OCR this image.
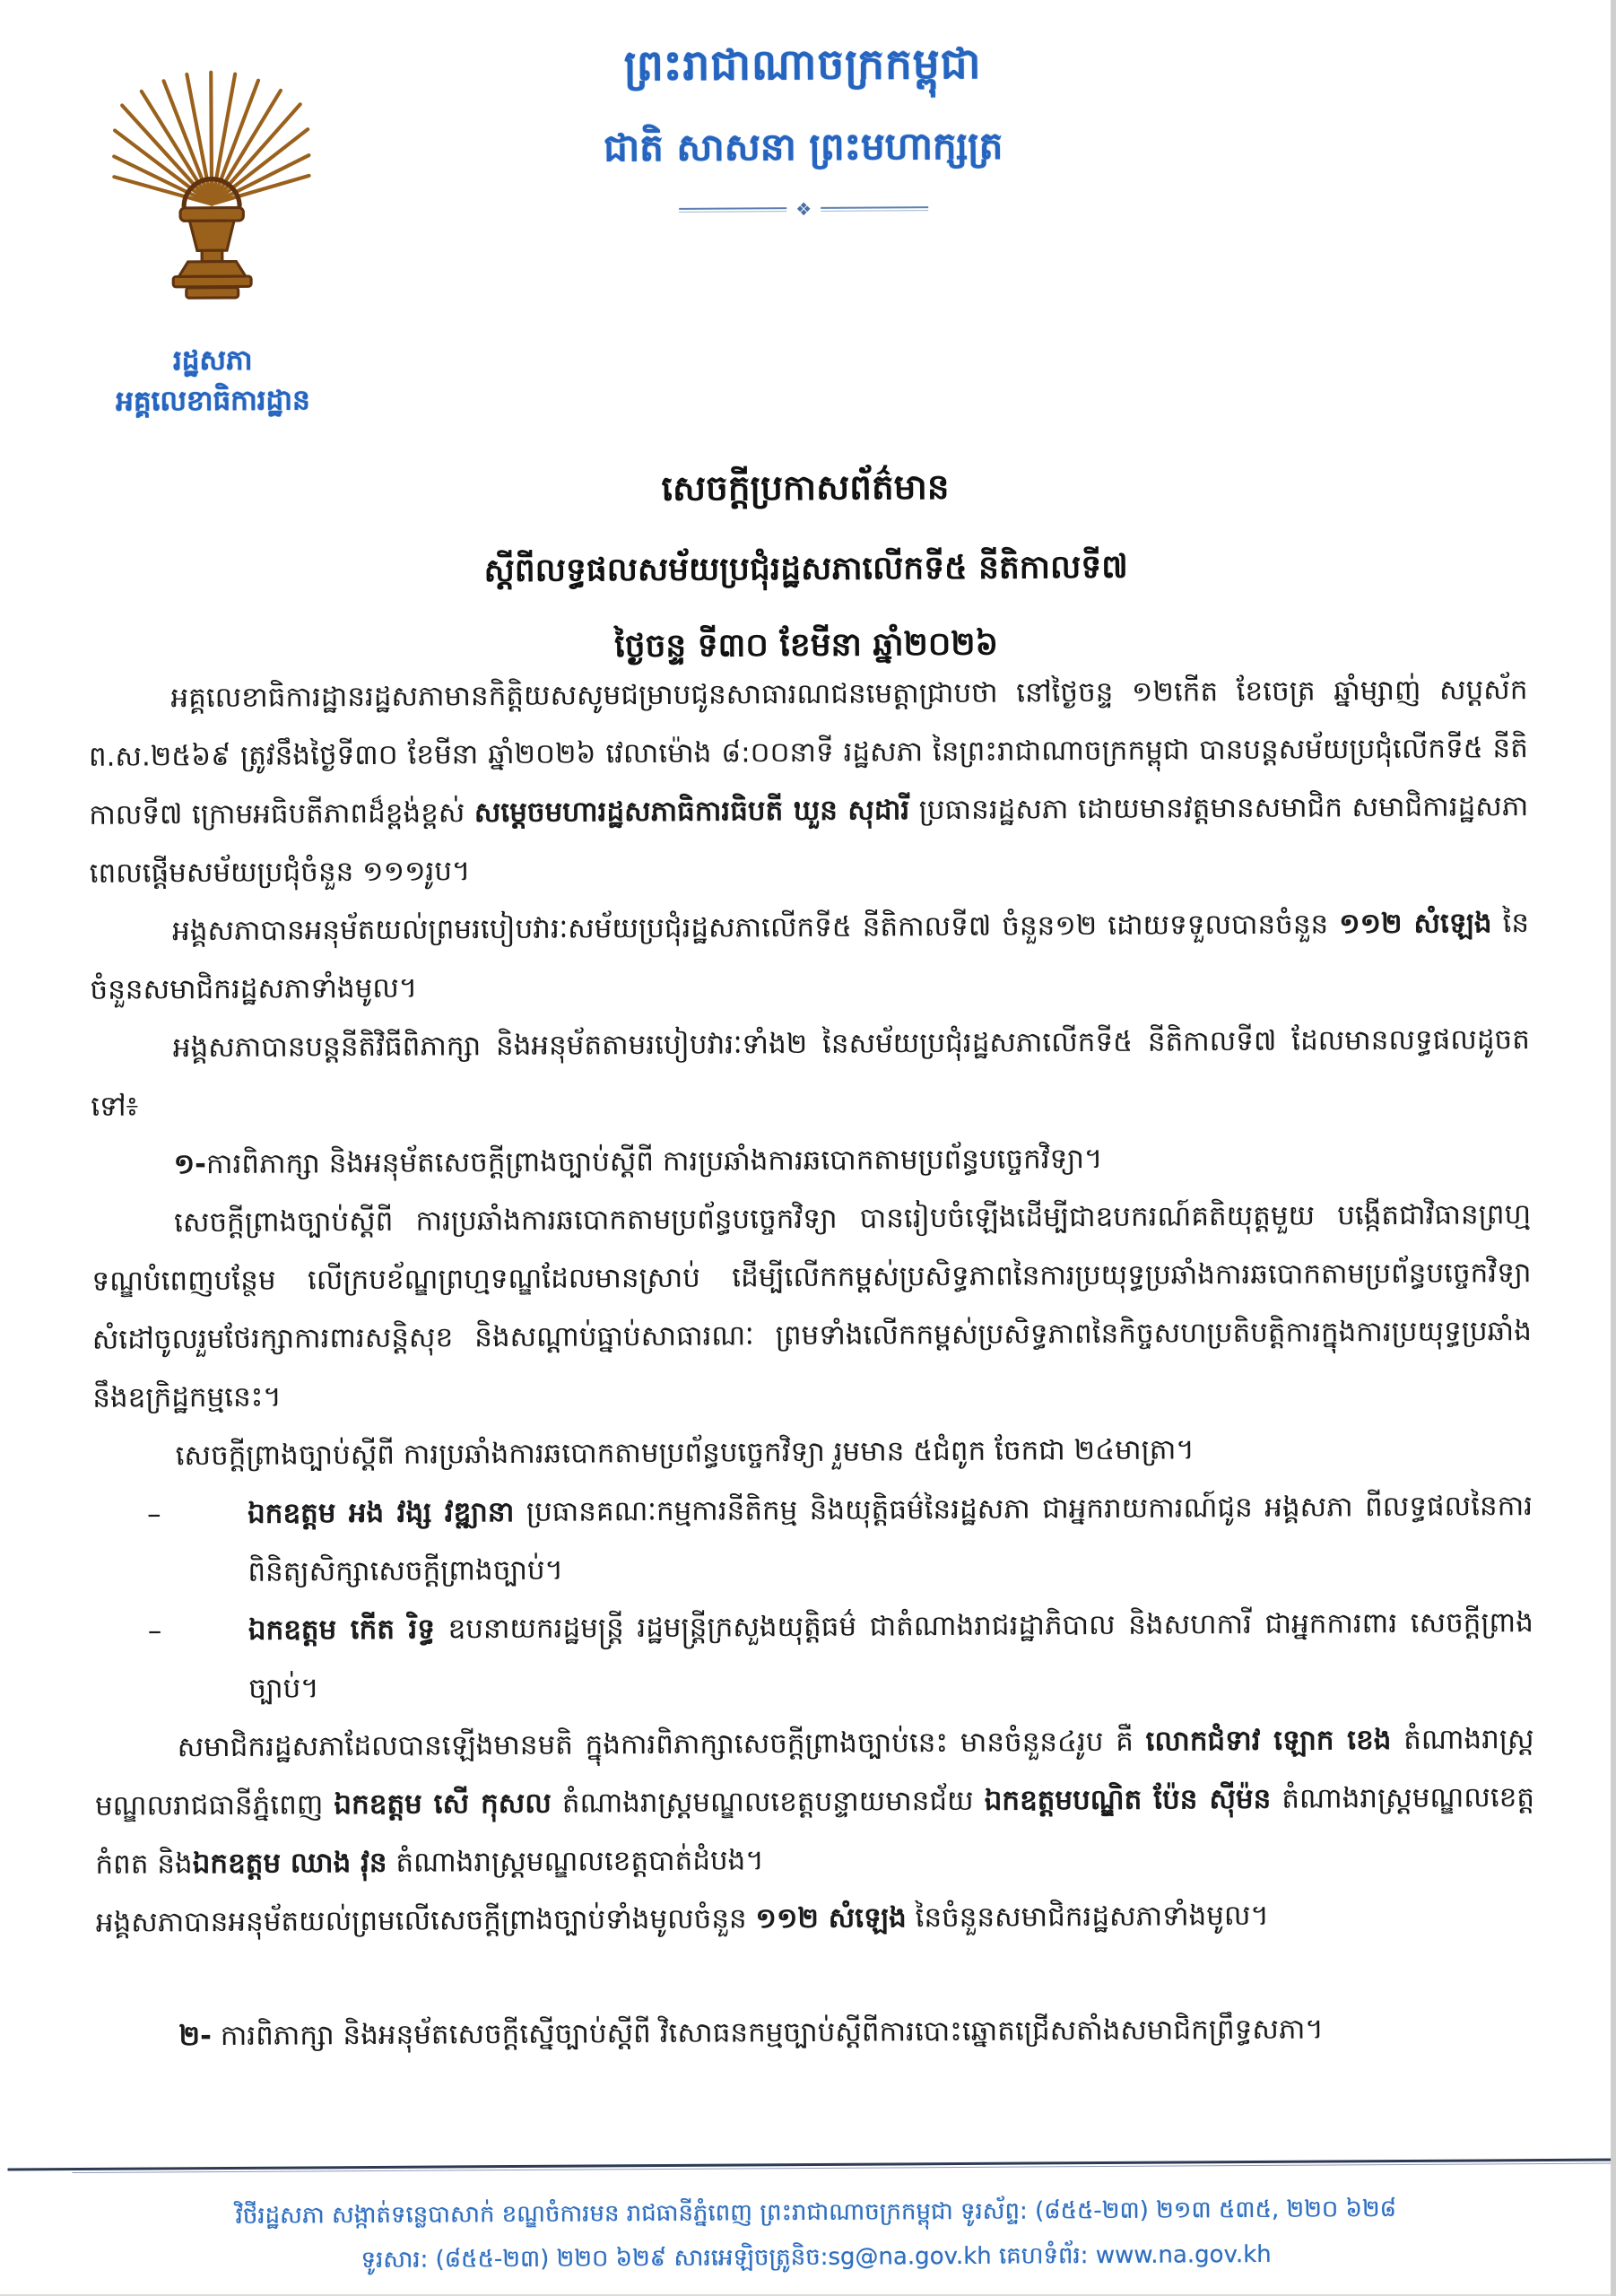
ព្រះរាជាណាចក្រកម្ពុជា
ជាតិ សាសនា ព្រះមហាក្សត្រ
❖
រដ្ឋសភា
អគ្គលេខាធិការដ្ឋាន
សេចក្តីប្រកាសព័ត៌មាន
ស្តីពីលទ្ធផលសម័យប្រជុំរដ្ឋសភាលើកទី៥ នីតិកាលទី៧
ថ្ងៃចន្ទ ទី៣០ ខែមីនា ឆ្នាំ២០២៦
អគ្គលេខាធិការដ្ឋានរដ្ឋសភាមានកិត្តិយសសូមជម្រាបជូនសាធារណជនមេត្តាជ្រាបថា នៅថ្ងៃចន្ទ ១២កើត ខែចេត្រ ឆ្នាំម្សាញ់ សប្តស័ក ព.ស.២៥៦៩ ត្រូវនឹងថ្ងៃទី៣០ ខែមីនា ឆ្នាំ២០២៦ វេលាម៉ោង ៨:០០នាទី រដ្ឋសភា នៃព្រះរាជាណាចក្រកម្ពុជា បានបន្តសម័យប្រជុំលើកទី៥ នីតិកាលទី៧ ក្រោមអធិបតីភាពដ៏ខ្ពង់ខ្ពស់ សម្ដេចមហារដ្ឋសភាធិការធិបតី ឃួន សុដារី ប្រធានរដ្ឋសភា ដោយមានវត្តមានសមាជិក សមាជិការដ្ឋសភា ពេលផ្តើមសម័យប្រជុំចំនួន ១១១រូប។
អង្គសភាបានអនុម័តយល់ព្រមរបៀបវារៈសម័យប្រជុំរដ្ឋសភាលើកទី៥ នីតិកាលទី៧ ចំនួន១២ ដោយទទួលបានចំនួន ១១២ សំឡេង នៃចំនួនសមាជិករដ្ឋសភាទាំងមូល។
អង្គសភាបានបន្តនីតិវិធីពិភាក្សា និងអនុម័តតាមរបៀបវារៈទាំង២ នៃសម័យប្រជុំរដ្ឋសភាលើកទី៥ នីតិកាលទី៧ ដែលមានលទ្ធផលដូចតទៅ៖
១-ការពិភាក្សា និងអនុម័តសេចក្តីព្រាងច្បាប់ស្តីពី ការប្រឆាំងការឆបោកតាមប្រព័ន្ធបច្ចេកវិទ្យា។
សេចក្តីព្រាងច្បាប់ស្តីពី ការប្រឆាំងការឆបោកតាមប្រព័ន្ធបច្ចេកវិទ្យា បានរៀបចំឡើងដើម្បីជាឧបករណ៍គតិយុត្តមួយ បង្កើតជាវិធានព្រហ្មទណ្ឌបំពេញបន្ថែម លើក្របខ័ណ្ឌព្រហ្មទណ្ឌដែលមានស្រាប់ ដើម្បីលើកកម្ពស់ប្រសិទ្ធភាពនៃការប្រយុទ្ធប្រឆាំងការឆបោកតាមប្រព័ន្ធបច្ចេកវិទ្យា សំដៅចូលរួមថែរក្សាការពារសន្តិសុខ និងសណ្តាប់ធ្នាប់សាធារណៈ ព្រមទាំងលើកកម្ពស់ប្រសិទ្ធភាពនៃកិច្ចសហប្រតិបត្តិការក្នុងការប្រយុទ្ធប្រឆាំងនឹងឧក្រិដ្ឋកម្មនេះ។
សេចក្តីព្រាងច្បាប់ស្តីពី ការប្រឆាំងការឆបោកតាមប្រព័ន្ធបច្ចេកវិទ្យា រួមមាន ៥ជំពូក ចែកជា ២៤មាត្រា។
–	ឯកឧត្តម អង វង្ស វឌ្ឍានា ប្រធានគណៈកម្មការនីតិកម្ម និងយុត្តិធម៌នៃរដ្ឋសភា ជាអ្នករាយការណ៍ជូន អង្គសភា ពីលទ្ធផលនៃការពិនិត្យសិក្សាសេចក្តីព្រាងច្បាប់។
–	ឯកឧត្តម កើត រិទ្ធ ឧបនាយករដ្ឋមន្ត្រី រដ្ឋមន្ត្រីក្រសួងយុត្តិធម៌ ជាតំណាងរាជរដ្ឋាភិបាល និងសហការី ជាអ្នកការពារ សេចក្តីព្រាងច្បាប់។
សមាជិករដ្ឋសភាដែលបានឡើងមានមតិ ក្នុងការពិភាក្សាសេចក្តីព្រាងច្បាប់នេះ មានចំនួន៤រូប គឺ លោកជំទាវ ឡោក ខេង តំណាងរាស្ត្រមណ្ឌលរាជធានីភ្នំពេញ ឯកឧត្តម សើ កុសល តំណាងរាស្ត្រមណ្ឌលខេត្តបន្ទាយមានជ័យ ឯកឧត្តមបណ្ឌិត ប៉ែន ស៊ីម៉ន តំណាងរាស្ត្រមណ្ឌលខេត្តកំពត និងឯកឧត្តម ឈាង វុន តំណាងរាស្ត្រមណ្ឌលខេត្តបាត់ដំបង។
អង្គសភាបានអនុម័តយល់ព្រមលើសេចក្តីព្រាងច្បាប់ទាំងមូលចំនួន ១១២ សំឡេង នៃចំនួនសមាជិករដ្ឋសភាទាំងមូល។
២- ការពិភាក្សា និងអនុម័តសេចក្តីស្នើច្បាប់ស្តីពី វិសោធនកម្មច្បាប់ស្តីពីការបោះឆ្នោតជ្រើសតាំងសមាជិកព្រឹទ្ធសភា។
វិថីរដ្ឋសភា សង្កាត់ទន្លេបាសាក់ ខណ្ឌចំការមន រាជធានីភ្នំពេញ ព្រះរាជាណាចក្រកម្ពុជា ទូរស័ព្ទ: (៨៥៥-២៣) ២១៣ ៥៣៥, ២២០ ៦២៨
ទូរសារ: (៨៥៥-២៣) ២២០ ៦២៩ សារអេឡិចត្រូនិច:sg@na.gov.kh គេហទំព័រ: www.na.gov.kh
